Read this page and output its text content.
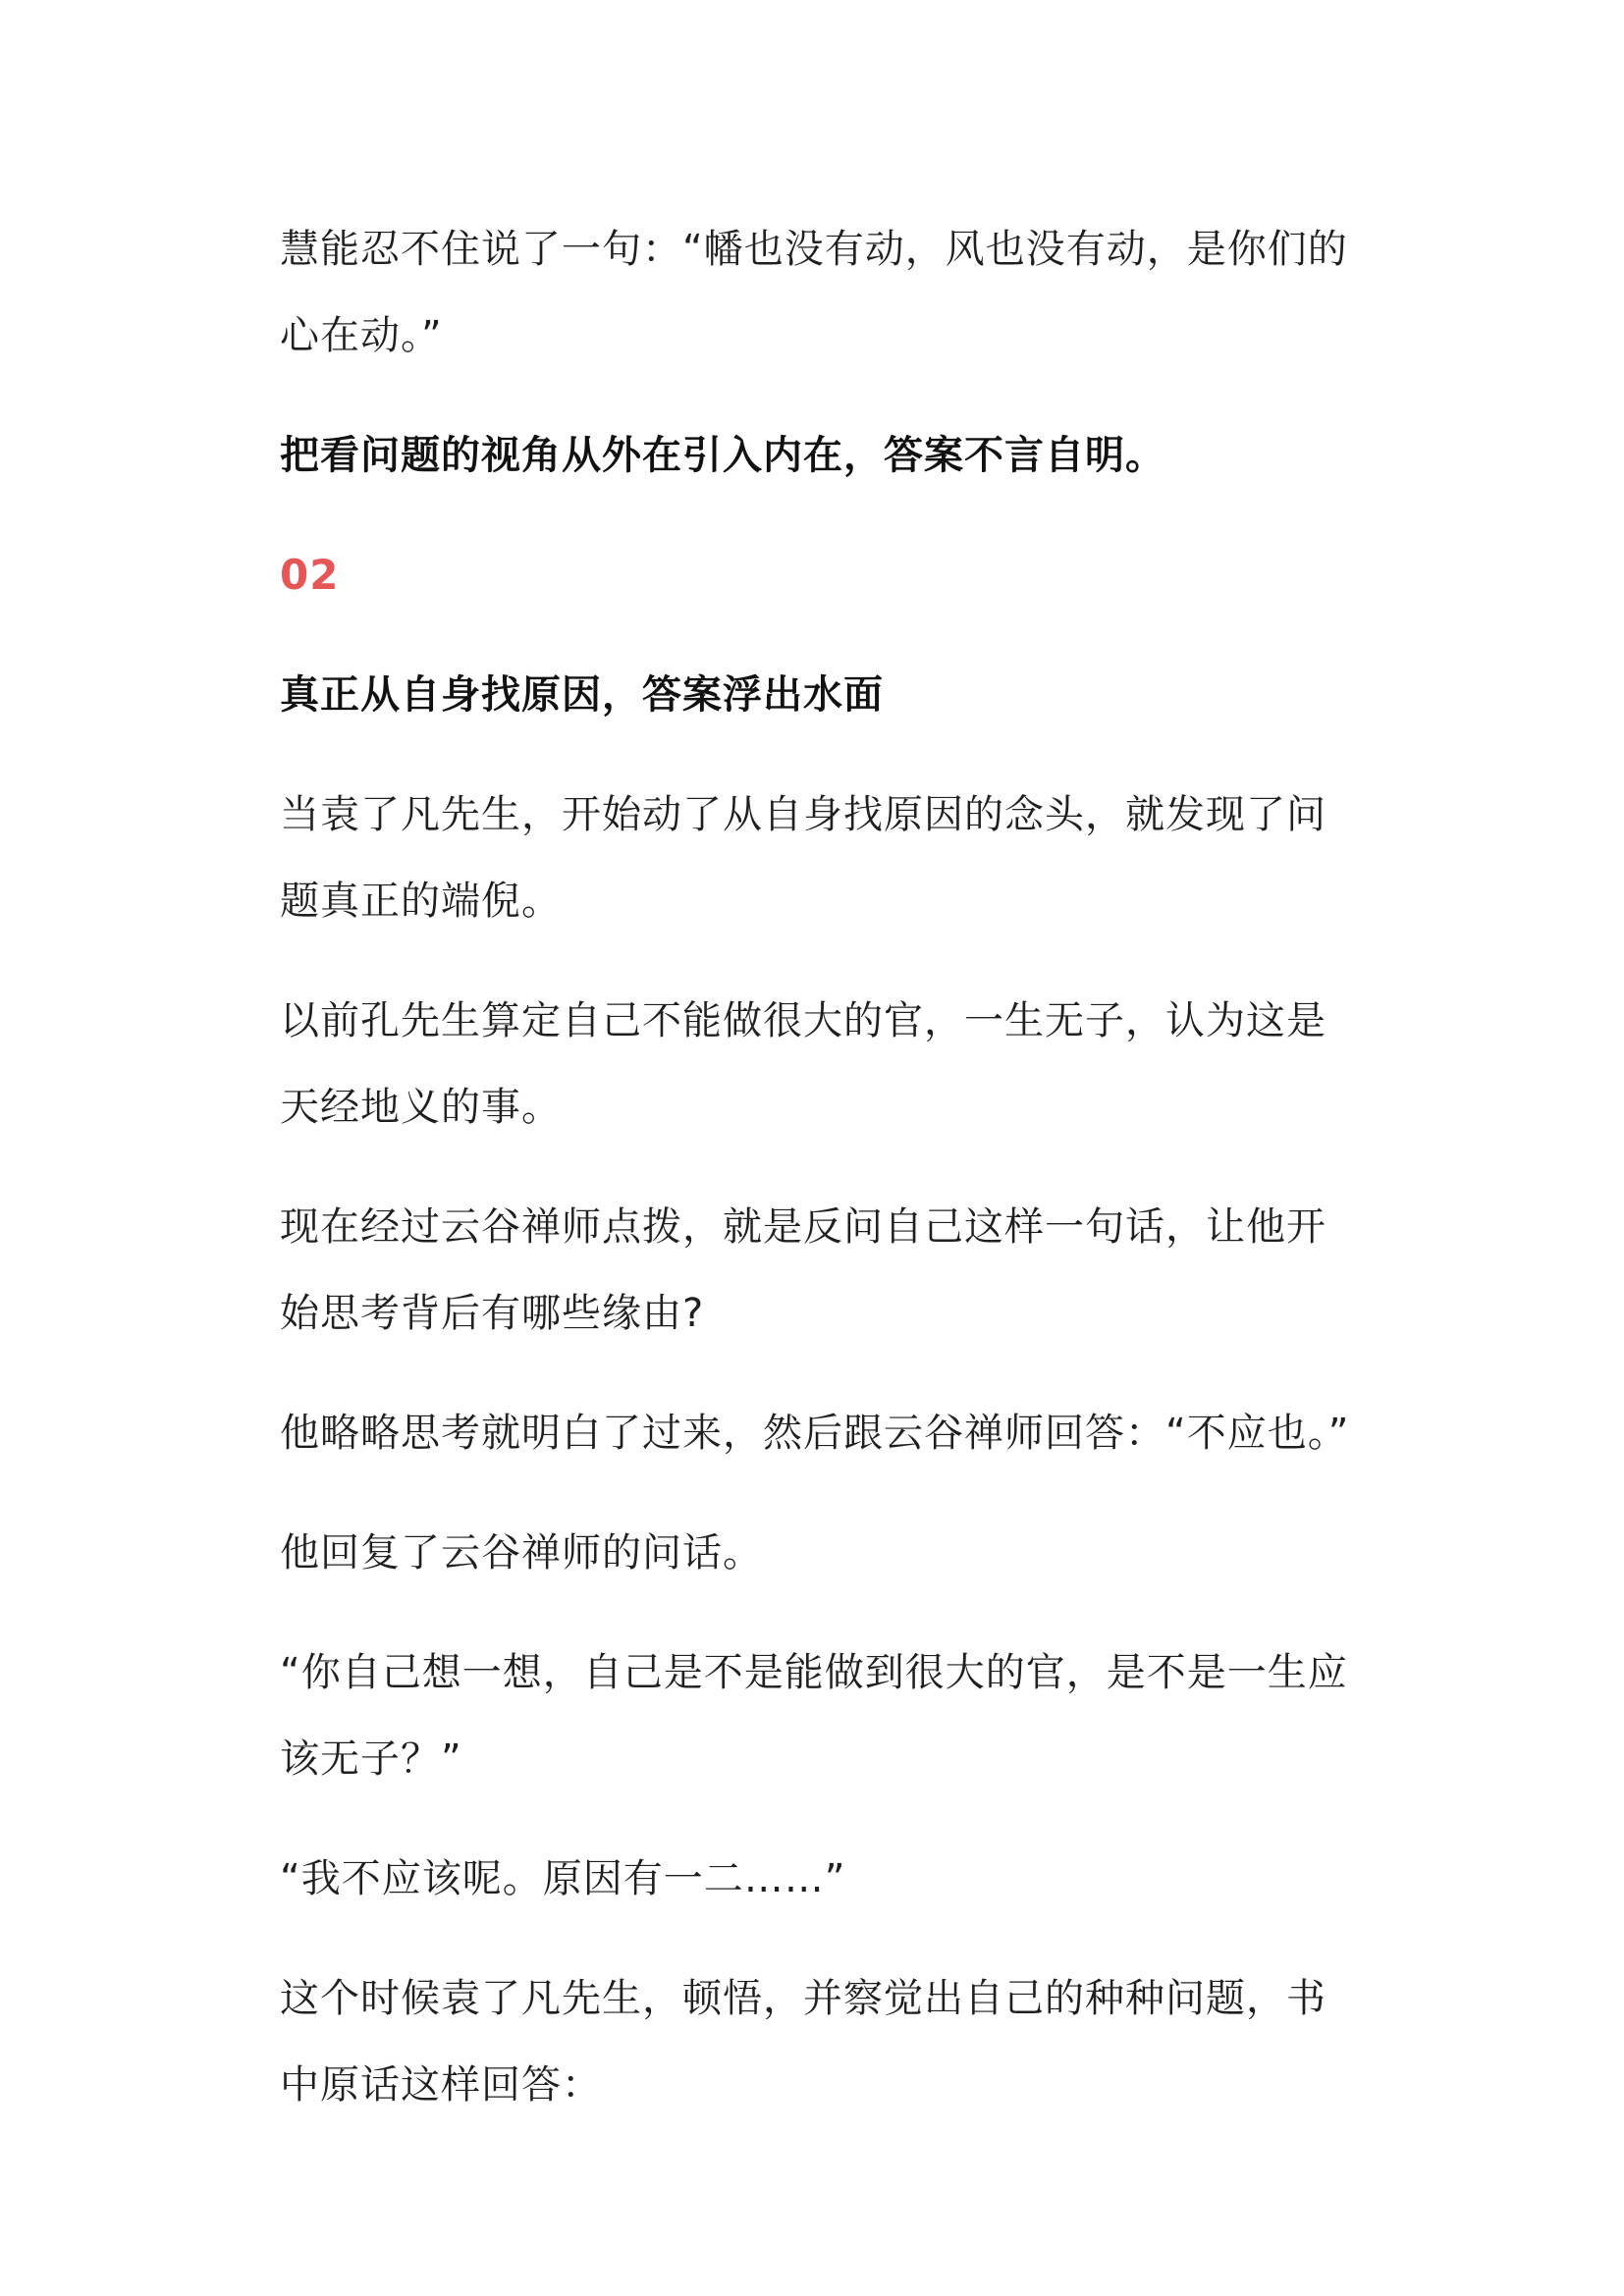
慧能忍不住说了一句：“幡也没有动，风也没有动，是你们的心在动。”

把看问题的视角从外在引入内在，答案不言自明。

02

真正从自身找原因，答案浮出水面

当袁了凡先生，开始动了从自身找原因的念头，就发现了问题真正的端倪。

以前孔先生算定自己不能做很大的官，一生无子，认为这是天经地义的事。

现在经过云谷禅师点拨，就是反问自己这样一句话，让他开始思考背后有哪些缘由?

他略略思考就明白了过来，然后跟云谷禅师回答：“不应也。”

他回复了云谷禅师的问话。

“你自己想一想，自己是不是能做到很大的官，是不是一生应该无子？”

“我不应该呢。原因有一二……”

这个时候袁了凡先生，顿悟，并察觉出自己的种种问题，书中原话这样回答：
